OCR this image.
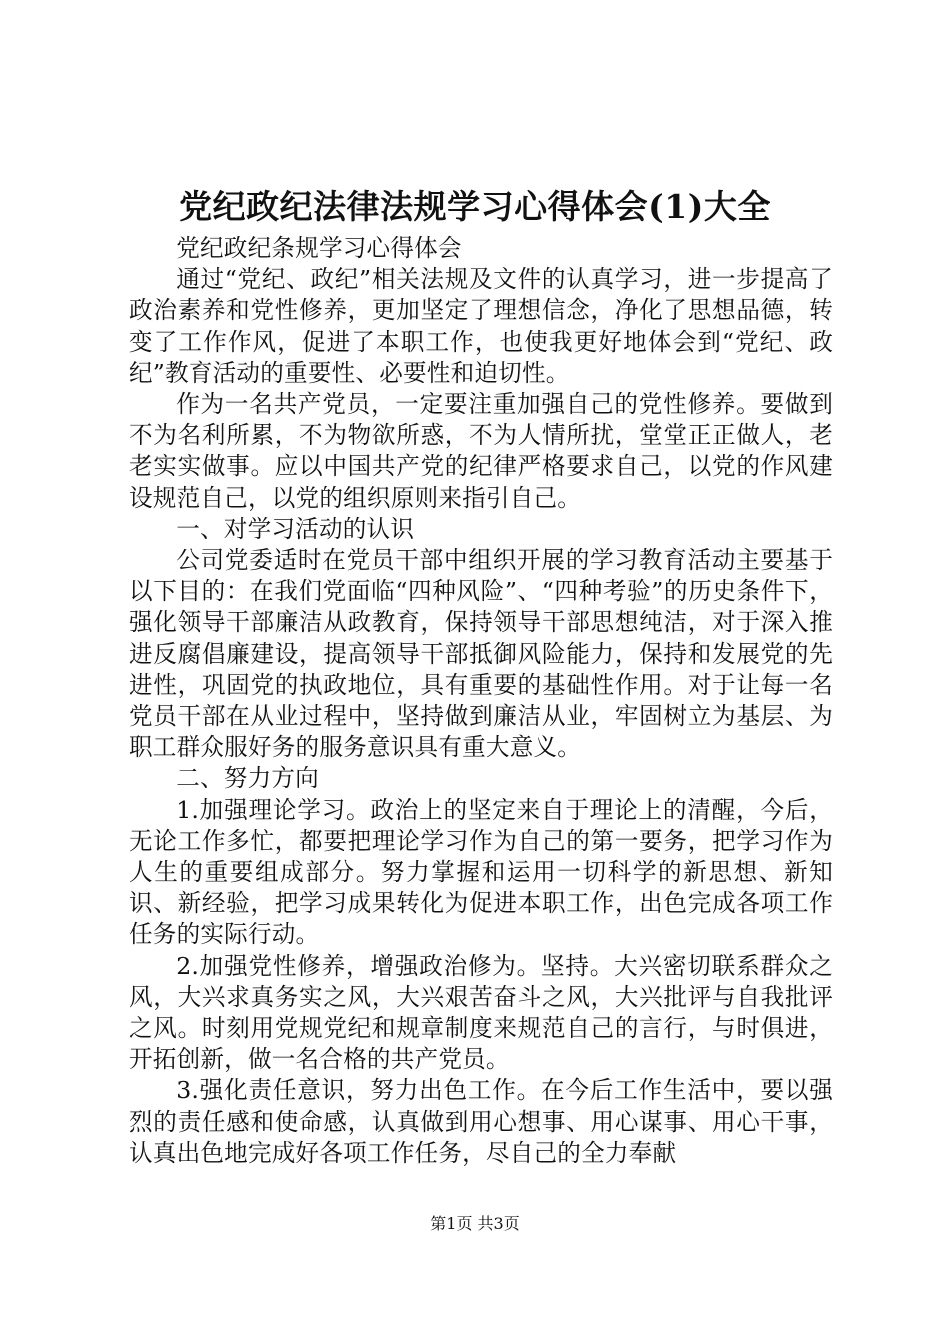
党纪政纪法律法规学习心得体会(1)大全

党纪政纪条规学习心得体会

通过“党纪、政纪”相关法规及文件的认真学习，进一步提高了政治素养和党性修养，更加坚定了理想信念，净化了思想品德，转变了工作作风，促进了本职工作，也使我更好地体会到“党纪、政纪”教育活动的重要性、必要性和迫切性。

作为一名共产党员，一定要注重加强自己的党性修养。要做到不为名利所累，不为物欲所惑，不为人情所扰，堂堂正正做人，老老实实做事。应以中国共产党的纪律严格要求自己，以党的作风建设规范自己，以党的组织原则来指引自己。

一、对学习活动的认识

公司党委适时在党员干部中组织开展的学习教育活动主要基于以下目的：在我们党面临“四种风险”、“四种考验”的历史条件下，强化领导干部廉洁从政教育，保持领导干部思想纯洁，对于深入推进反腐倡廉建设，提高领导干部抵御风险能力，保持和发展党的先进性，巩固党的执政地位，具有重要的基础性作用。对于让每一名党员干部在从业过程中，坚持做到廉洁从业，牢固树立为基层、为职工群众服好务的服务意识具有重大意义。

二、努力方向

1.加强理论学习。政治上的坚定来自于理论上的清醒，今后，无论工作多忙，都要把理论学习作为自己的第一要务，把学习作为人生的重要组成部分。努力掌握和运用一切科学的新思想、新知识、新经验，把学习成果转化为促进本职工作，出色完成各项工作任务的实际行动。

2.加强党性修养，增强政治修为。坚持。大兴密切联系群众之风，大兴求真务实之风，大兴艰苦奋斗之风，大兴批评与自我批评之风。时刻用党规党纪和规章制度来规范自己的言行，与时俱进，开拓创新，做一名合格的共产党员。

3.强化责任意识，努力出色工作。在今后工作生活中，要以强烈的责任感和使命感，认真做到用心想事、用心谋事、用心干事，认真出色地完成好各项工作任务，尽自己的全力奉献

第1页 共3页
